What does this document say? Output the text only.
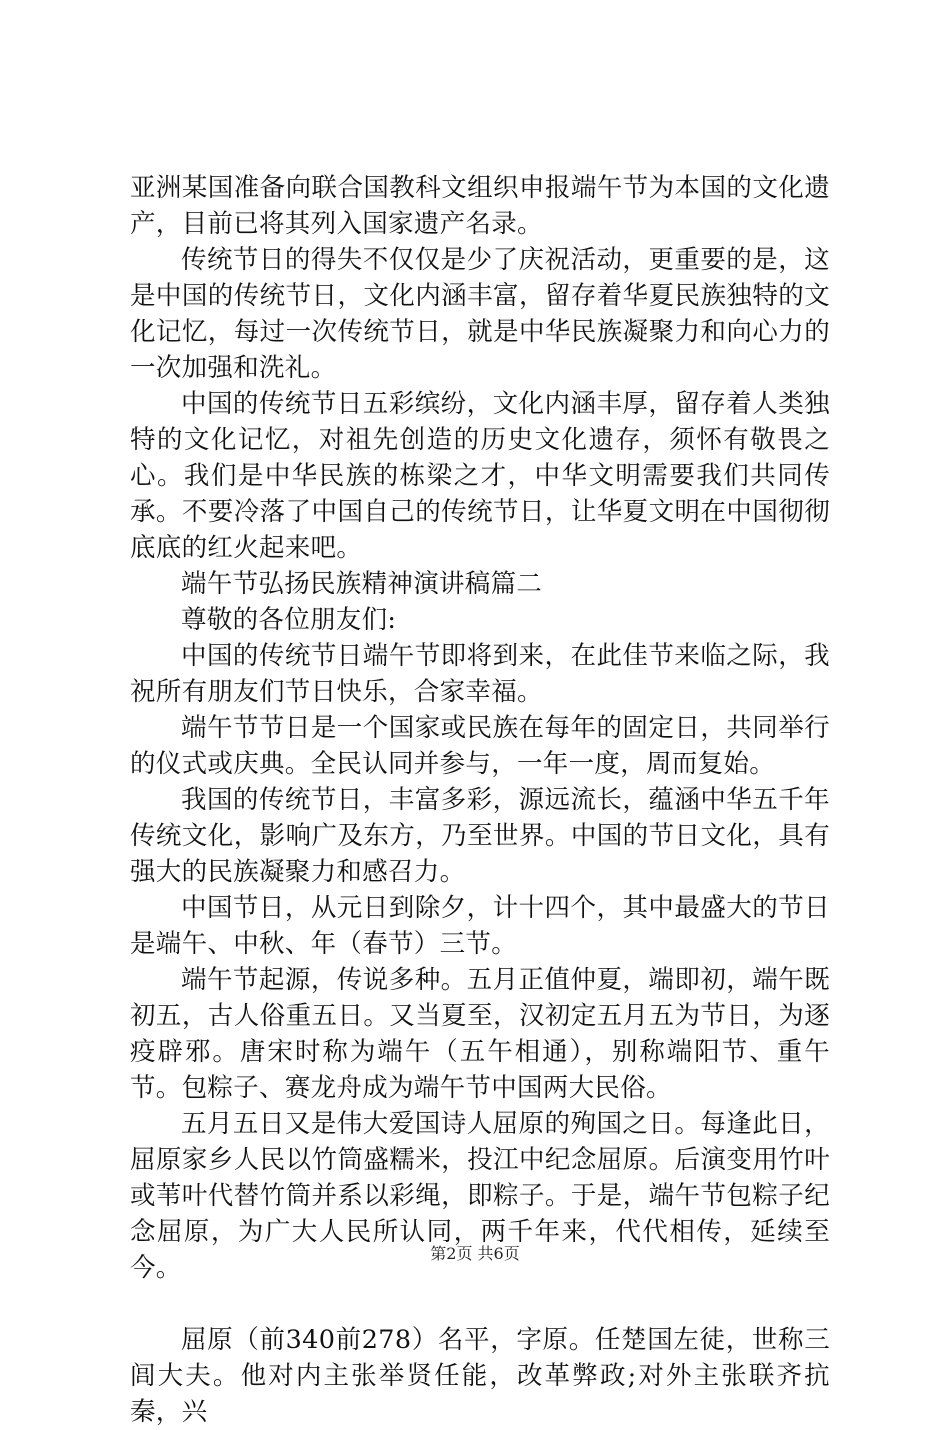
亚洲某国准备向联合国教科文组织申报端午节为本国的文化遗产，目前已将其列入国家遗产名录。

传统节日的得失不仅仅是少了庆祝活动，更重要的是，这是中国的传统节日，文化内涵丰富，留存着华夏民族独特的文化记忆，每过一次传统节日，就是中华民族凝聚力和向心力的一次加强和洗礼。

中国的传统节日五彩缤纷，文化内涵丰厚，留存着人类独特的文化记忆，对祖先创造的历史文化遗存，须怀有敬畏之心。我们是中华民族的栋梁之才，中华文明需要我们共同传承。不要冷落了中国自己的传统节日，让华夏文明在中国彻彻底底的红火起来吧。

端午节弘扬民族精神演讲稿篇二

尊敬的各位朋友们:

中国的传统节日端午节即将到来，在此佳节来临之际，我祝所有朋友们节日快乐，合家幸福。

端午节节日是一个国家或民族在每年的固定日，共同举行的仪式或庆典。全民认同并参与，一年一度，周而复始。

我国的传统节日，丰富多彩，源远流长，蕴涵中华五千年传统文化，影响广及东方，乃至世界。中国的节日文化，具有强大的民族凝聚力和感召力。

中国节日，从元日到除夕，计十四个，其中最盛大的节日是端午、中秋、年（春节）三节。

端午节起源，传说多种。五月正值仲夏，端即初，端午既初五，古人俗重五日。又当夏至，汉初定五月五为节日，为逐疫辟邪。唐宋时称为端午（五午相通），别称端阳节、重午节。包粽子、赛龙舟成为端午节中国两大民俗。

五月五日又是伟大爱国诗人屈原的殉国之日。每逢此日，屈原家乡人民以竹筒盛糯米，投江中纪念屈原。后演变用竹叶或苇叶代替竹筒并系以彩绳，即粽子。于是，端午节包粽子纪念屈原，为广大人民所认同，两千年来，代代相传，延续至今。

屈原（前340前278）名平，字原。任楚国左徒，世称三闾大夫。他对内主张举贤任能，改革弊政;对外主张联齐抗秦，兴

第2页 共6页
